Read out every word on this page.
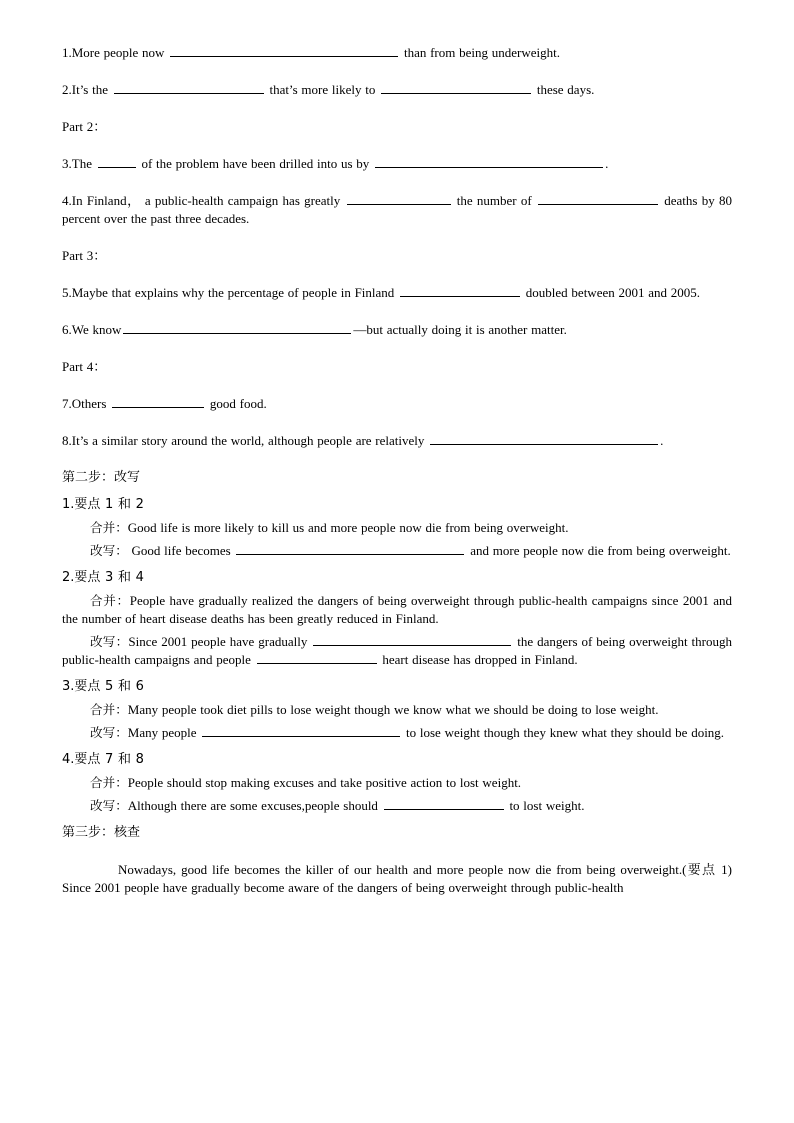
1.More people now	than from being underweight.

2.It’s the	that’s more likely to	these days.

Part 2：

3.The	of the problem have been drilled into us by	.

4.In Finland， a public-health campaign has greatly	the number of	deaths by 80 percent over the past three decades.

Part 3：

5.Maybe that explains why the percentage of people in Finland	doubled between 2001 and 2005.

6.We know	—but actually doing it is another matter.

Part 4：

7.Others	good food.

8.It’s a similar story around the world, although people are relatively	.

第二步：改写

1.要点 1 和 2

合并：Good life is more likely to kill us and more people now die from being overweight.

改写： Good life becomes	and more people now die from being overweight.

2.要点 3 和 4

合并：People have gradually realized the dangers of being overweight through public-health campaigns since 2001 and the number of heart disease deaths has been greatly reduced in Finland.

改写：Since 2001 people have gradually	the dangers of being overweight through public-health campaigns and people	heart disease has dropped in Finland.

3.要点 5 和 6

合并：Many people took diet pills to lose weight though we know what we should be doing to lose weight.

改写：Many people	to lose weight though they knew what they should be doing.

4.要点 7 和 8

合并：People should stop making excuses and take positive action to lost weight.

改写：Although there are some excuses,people should	to lost weight.

第三步：核查

Nowadays, good life becomes the killer of our health and more people now die from being overweight.(要点 1) Since 2001 people have gradually become aware of the dangers of being overweight through public-health
